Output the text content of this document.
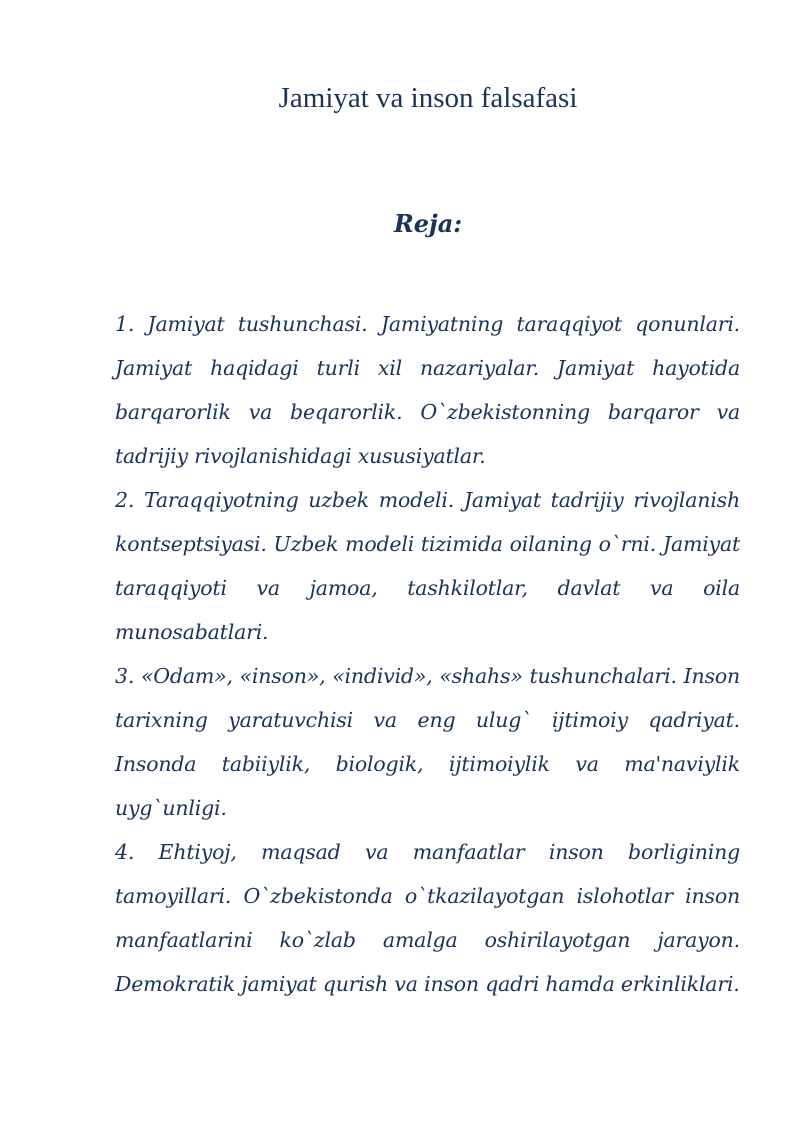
Jamiyat va inson falsafasi
Reja:
1. Jamiyat tushunchasi. Jamiyatning taraqqiyot qonunlari. Jamiyat haqidagi turli xil nazariyalar. Jamiyat hayotida barqarorlik va beqarorlik. O`zbekistonning barqaror va tadrijiy rivojlanishidagi xususiyatlar.
2. Taraqqiyotning uzbek modeli. Jamiyat tadrijiy rivojlanish kontseptsiyasi. Uzbek modeli tizimida oilaning o`rni. Jamiyat taraqqiyoti va jamoa, tashkilotlar, davlat va oila munosabatlari.
3. «Odam», «inson», «individ», «shahs» tushunchalari. Inson tarixning yaratuvchisi va eng ulug` ijtimoiy qadriyat. Insonda tabiiylik, biologik, ijtimoiylik va ma'naviylik uyg`unligi.
4. Ehtiyoj, maqsad va manfaatlar inson borligining tamoyillari. O`zbekistonda o`tkazilayotgan islohotlar inson manfaatlarini ko`zlab amalga oshirilayotgan jarayon. Demokratik jamiyat qurish va inson qadri hamda erkinliklari.
